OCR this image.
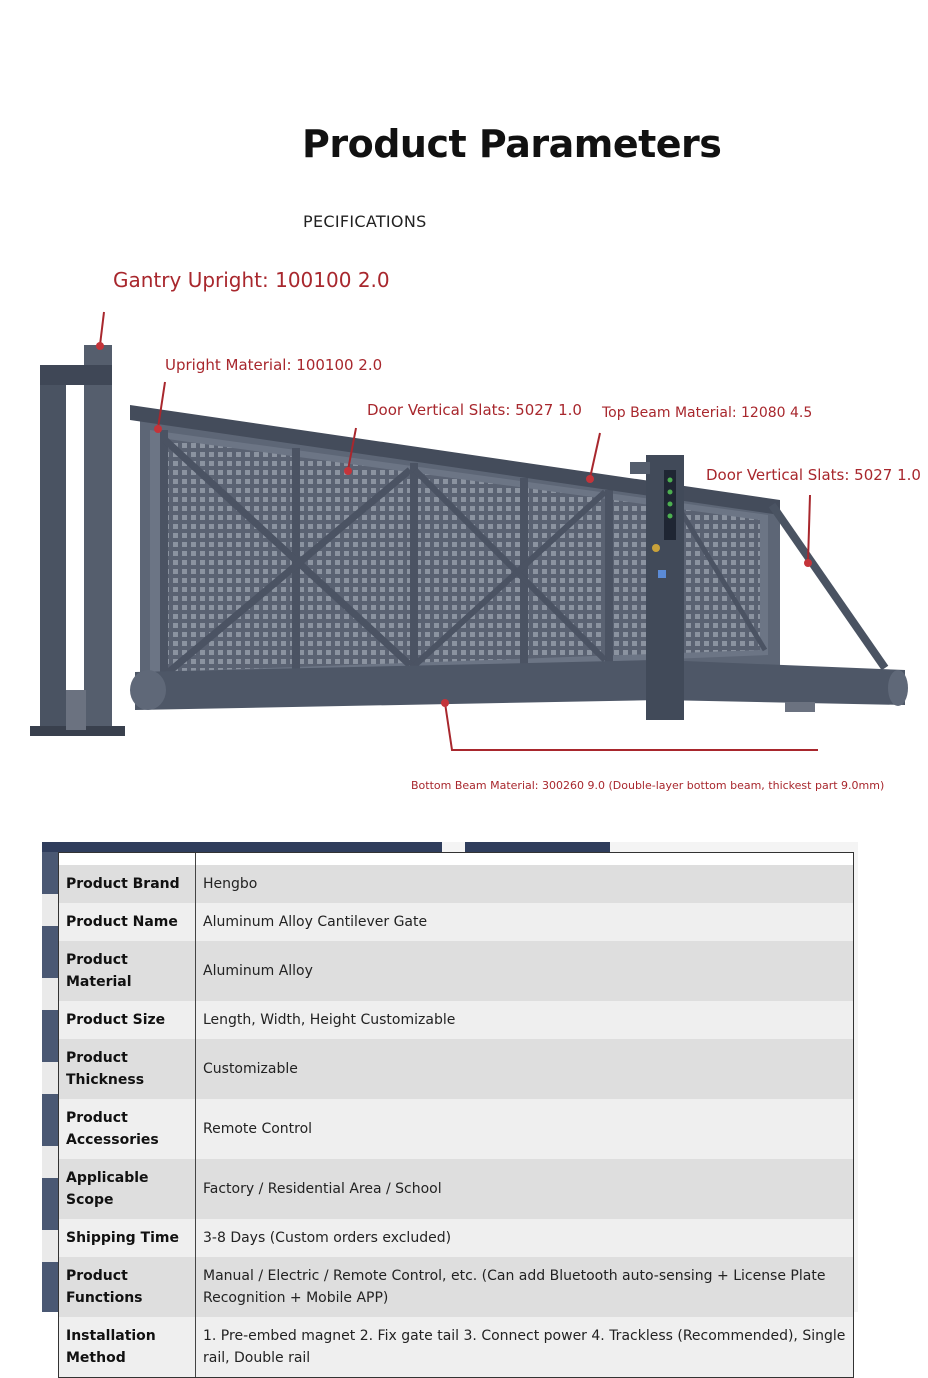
Product Parameters
PECIFICATIONS
Gantry Upright: 100100 2.0
Upright Material: 100100 2.0
Door Vertical Slats: 5027 1.0 Top Beam Material: 12080 4.5
Door Vertical Slats: 5027 1.0
Bottom Beam Material: 300260 9.0 (Double-layer bottom beam, thickest part 9.0mm)

Product Brand	Hengbo
Product Name	Aluminum Alloy Cantilever Gate
Product Material	Aluminum Alloy
Product Size	Length, Width, Height Customizable
Product Thickness	Customizable
Product Accessories	Remote Control
Applicable Scope	Factory / Residential Area / School
Shipping Time	3-8 Days (Custom orders excluded)
Product Functions	Manual / Electric / Remote Control, etc. (Can add Bluetooth auto-sensing + License Plate Recognition + Mobile APP)
Installation Method	1. Pre-embed magnet 2. Fix gate tail 3. Connect power 4. Trackless (Recommended), Single rail, Double rail
